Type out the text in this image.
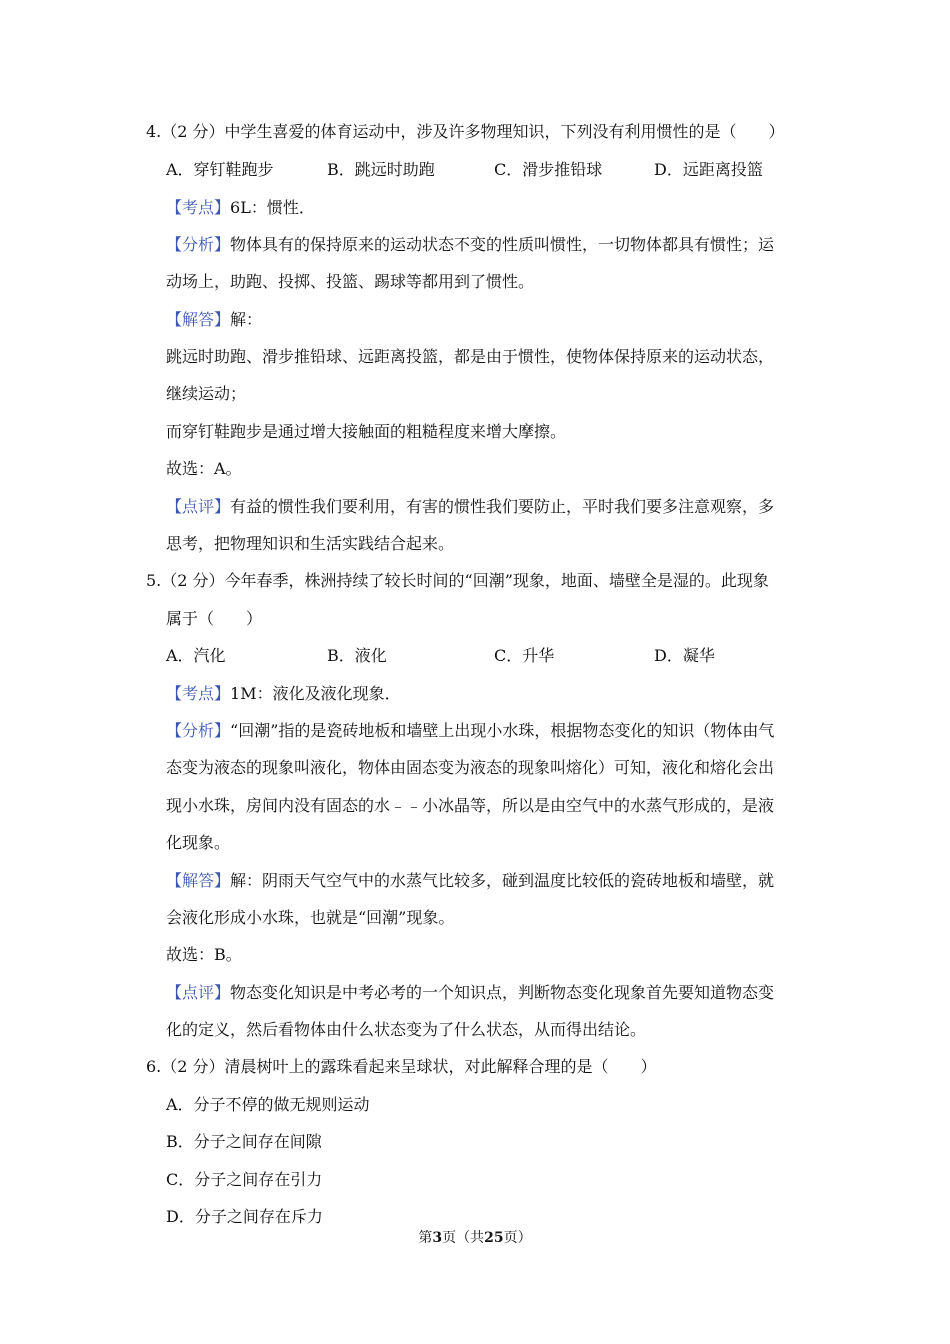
4.（2 分）中学生喜爱的体育运动中，涉及许多物理知识，下列没有利用惯性的是（　　）
A．穿钉鞋跑步	B．跳远时助跑	C．滑步推铅球	D．远距离投篮
【考点】6L：惯性．
【分析】物体具有的保持原来的运动状态不变的性质叫惯性，一切物体都具有惯性；运
动场上，助跑、投掷、投篮、踢球等都用到了惯性。
【解答】解：
跳远时助跑、滑步推铅球、远距离投篮，都是由于惯性，使物体保持原来的运动状态，
继续运动；
而穿钉鞋跑步是通过增大接触面的粗糙程度来增大摩擦。
故选：A。
【点评】有益的惯性我们要利用，有害的惯性我们要防止，平时我们要多注意观察，多
思考，把物理知识和生活实践结合起来。
5.（2 分）今年春季，株洲持续了较长时间的“回潮”现象，地面、墙壁全是湿的。此现象
属于（　　）
A．汽化	B．液化	C．升华	D．凝华
【考点】1M：液化及液化现象．
【分析】“回潮”指的是瓷砖地板和墙壁上出现小水珠，根据物态变化的知识（物体由气
态变为液态的现象叫液化，物体由固态变为液态的现象叫熔化）可知，液化和熔化会出
现小水珠，房间内没有固态的水﹣﹣小冰晶等，所以是由空气中的水蒸气形成的，是液
化现象。
【解答】解：阴雨天气空气中的水蒸气比较多，碰到温度比较低的瓷砖地板和墙壁，就
会液化形成小水珠，也就是“回潮”现象。
故选：B。
【点评】物态变化知识是中考必考的一个知识点，判断物态变化现象首先要知道物态变
化的定义，然后看物体由什么状态变为了什么状态，从而得出结论。
6.（2 分）清晨树叶上的露珠看起来呈球状，对此解释合理的是（　　）
A．分子不停的做无规则运动
B．分子之间存在间隙
C．分子之间存在引力
D．分子之间存在斥力
第3页（共25页）
